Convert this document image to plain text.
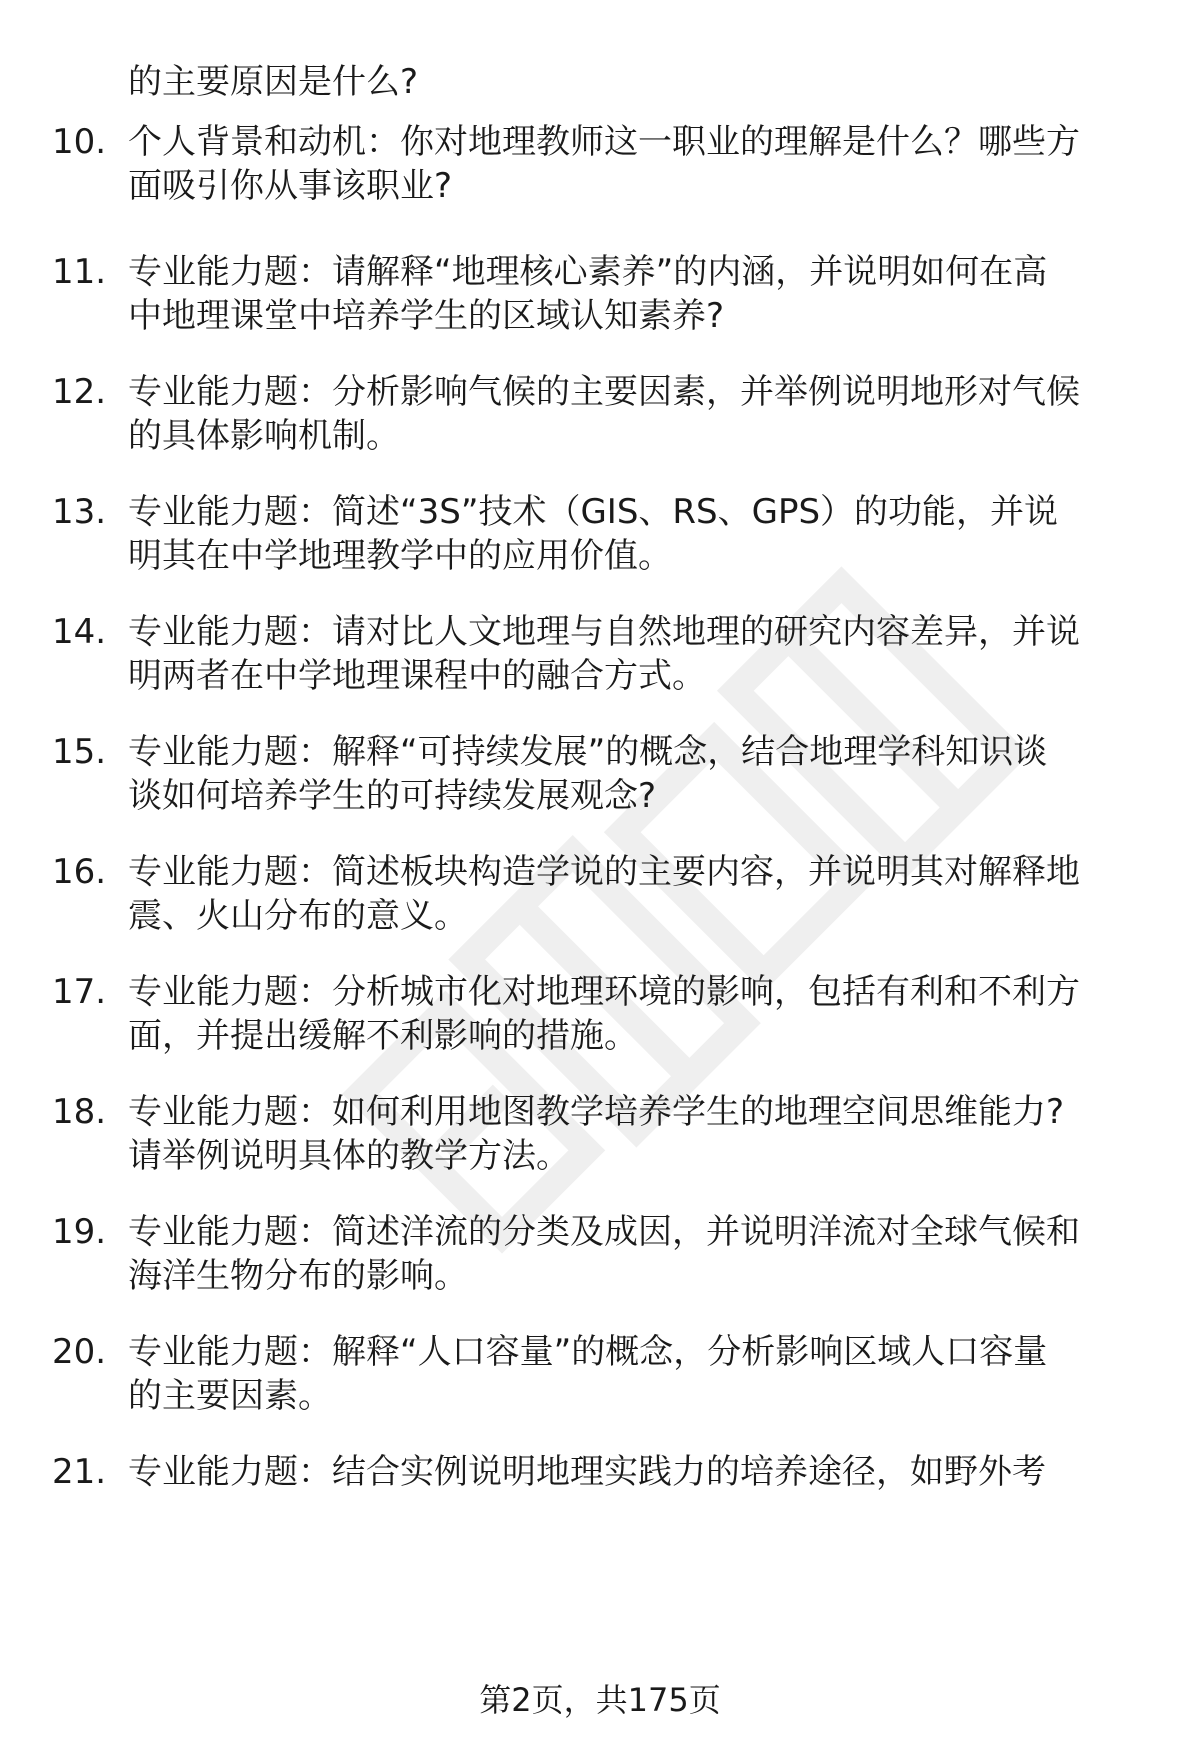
的主要原因是什么?
10. 个人背景和动机：你对地理教师这一职业的理解是什么？哪些方
面吸引你从事该职业?
11. 专业能力题：请解释“地理核心素养”的内涵，并说明如何在高
中地理课堂中培养学生的区域认知素养?
12. 专业能力题：分析影响气候的主要因素，并举例说明地形对气候
的具体影响机制。
13. 专业能力题：简述“3S”技术（GIS、RS、GPS）的功能，并说
明其在中学地理教学中的应用价值。
14. 专业能力题：请对比人文地理与自然地理的研究内容差异，并说
明两者在中学地理课程中的融合方式。
15. 专业能力题：解释“可持续发展”的概念，结合地理学科知识谈
谈如何培养学生的可持续发展观念?
16. 专业能力题：简述板块构造学说的主要内容，并说明其对解释地
震、火山分布的意义。
17. 专业能力题：分析城市化对地理环境的影响，包括有利和不利方
面，并提出缓解不利影响的措施。
18. 专业能力题：如何利用地图教学培养学生的地理空间思维能力?
请举例说明具体的教学方法。
19. 专业能力题：简述洋流的分类及成因，并说明洋流对全球气候和
海洋生物分布的影响。
20. 专业能力题：解释“人口容量”的概念，分析影响区域人口容量
的主要因素。
21. 专业能力题：结合实例说明地理实践力的培养途径，如野外考
第2页，共175页
